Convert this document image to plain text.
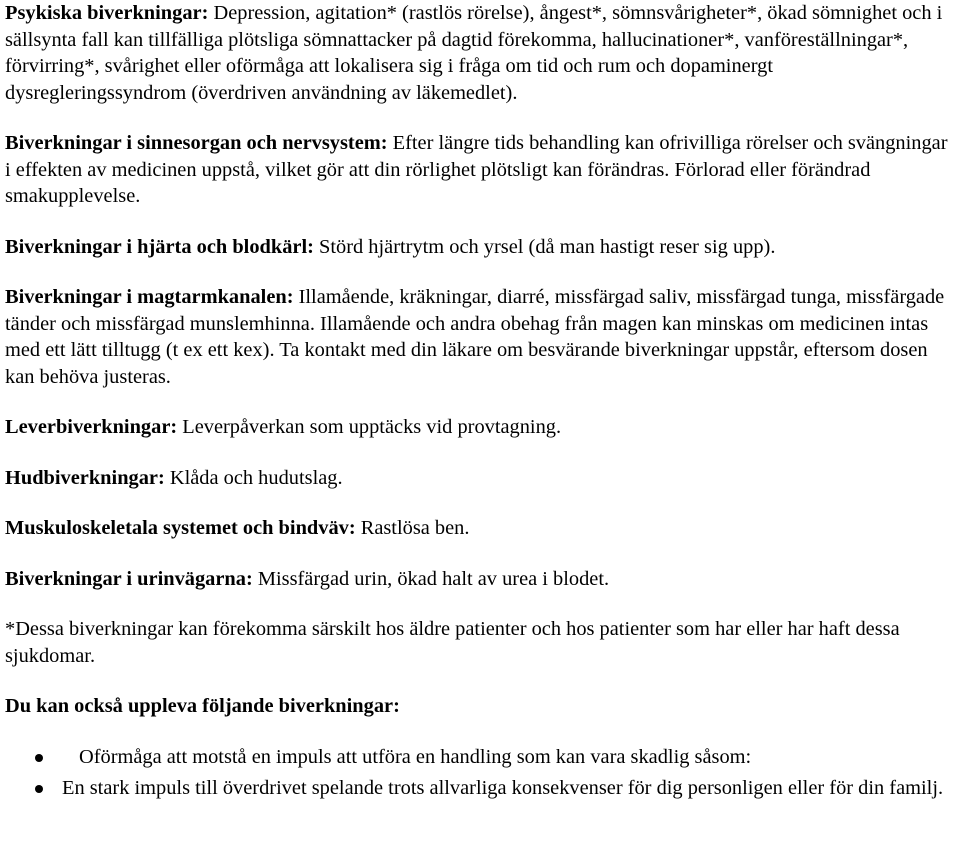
Psykiska biverkningar: Depression, agitation* (rastlös rörelse), ångest*, sömnsvårigheter*, ökad sömnighet och i sällsynta fall kan tillfälliga plötsliga sömnattacker på dagtid förekomma, hallucinationer*, vanföreställningar*, förvirring*, svårighet eller oförmåga att lokalisera sig i fråga om tid och rum och dopaminergt dysregleringssyndrom (överdriven användning av läkemedlet).

Biverkningar i sinnesorgan och nervsystem: Efter längre tids behandling kan ofrivilliga rörelser och svängningar i effekten av medicinen uppstå, vilket gör att din rörlighet plötsligt kan förändras. Förlorad eller förändrad smakupplevelse.

Biverkningar i hjärta och blodkärl: Störd hjärtrytm och yrsel (då man hastigt reser sig upp).

Biverkningar i magtarmkanalen: Illamående, kräkningar, diarré, missfärgad saliv, missfärgad tunga, missfärgade tänder och missfärgad munslemhinna. Illamående och andra obehag från magen kan minskas om medicinen intas med ett lätt tilltugg (t ex ett kex). Ta kontakt med din läkare om besvärande biverkningar uppstår, eftersom dosen kan behöva justeras.

Leverbiverkningar: Leverpåverkan som upptäcks vid provtagning.

Hudbiverkningar: Klåda och hudutslag.

Muskuloskeletala systemet och bindväv: Rastlösa ben.

Biverkningar i urinvägarna: Missfärgad urin, ökad halt av urea i blodet.

*Dessa biverkningar kan förekomma särskilt hos äldre patienter och hos patienter som har eller har haft dessa sjukdomar.

Du kan också uppleva följande biverkningar:

Oförmåga att motstå en impuls att utföra en handling som kan vara skadlig såsom:
En stark impuls till överdrivet spelande trots allvarliga konsekvenser för dig personligen eller för din familj.
